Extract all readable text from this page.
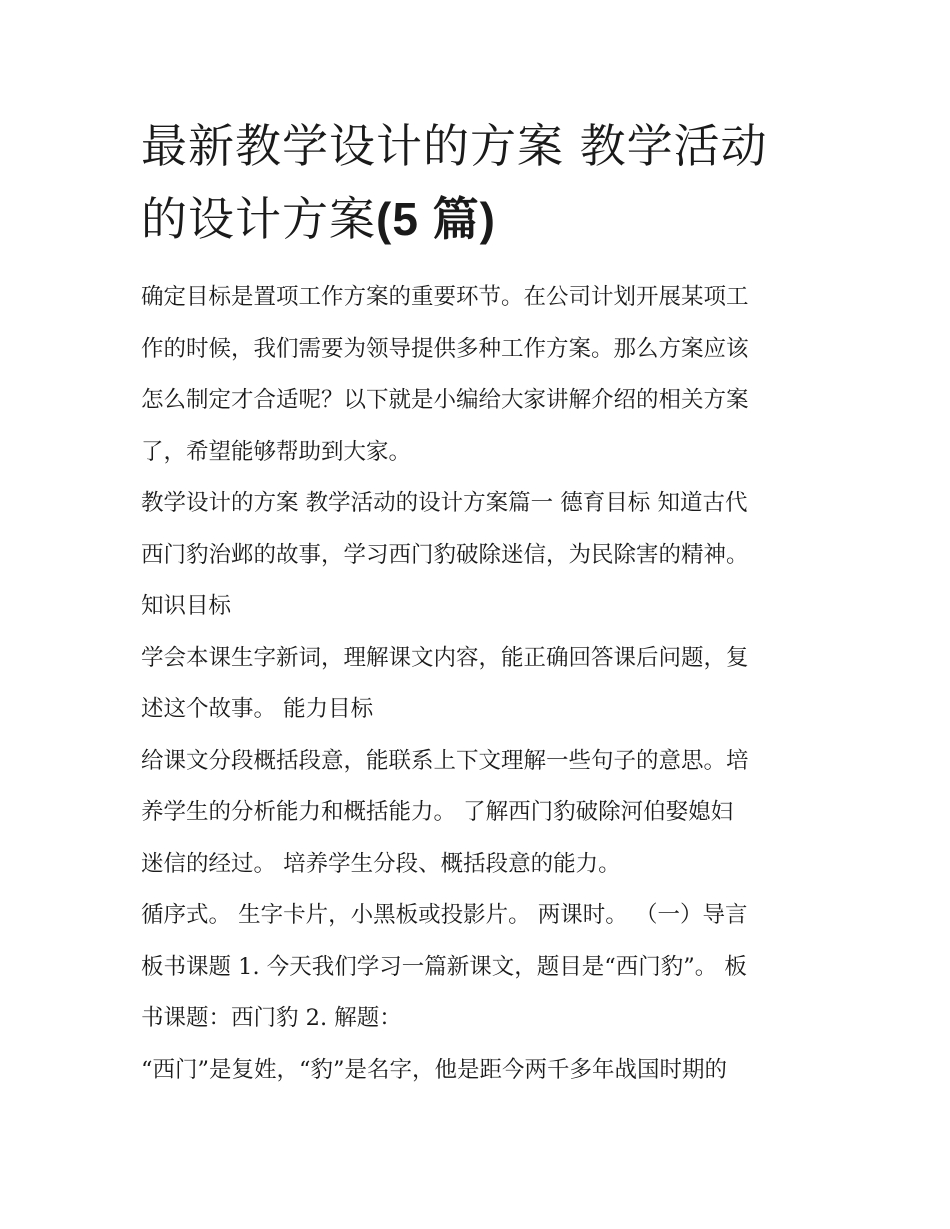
最新教学设计的方案 教学活动
的设计方案(5 篇)

确定目标是置项工作方案的重要环节。在公司计划开展某项工
作的时候，我们需要为领导提供多种工作方案。那么方案应该
怎么制定才合适呢？以下就是小编给大家讲解介绍的相关方案
了，希望能够帮助到大家。

教学设计的方案 教学活动的设计方案篇一 德育目标 知道古代
西门豹治邺的故事，学习西门豹破除迷信，为民除害的精神。
知识目标

学会本课生字新词，理解课文内容，能正确回答课后问题，复
述这个故事。 能力目标

给课文分段概括段意，能联系上下文理解一些句子的意思。培
养学生的分析能力和概括能力。 了解西门豹破除河伯娶媳妇
迷信的经过。 培养学生分段、概括段意的能力。

循序式。 生字卡片，小黑板或投影片。 两课时。 （一）导言
板书课题 1. 今天我们学习一篇新课文，题目是“西门豹”。 板
书课题：西门豹 2. 解题：

“西门”是复姓，“豹”是名字，他是距今两千多年战国时期的
